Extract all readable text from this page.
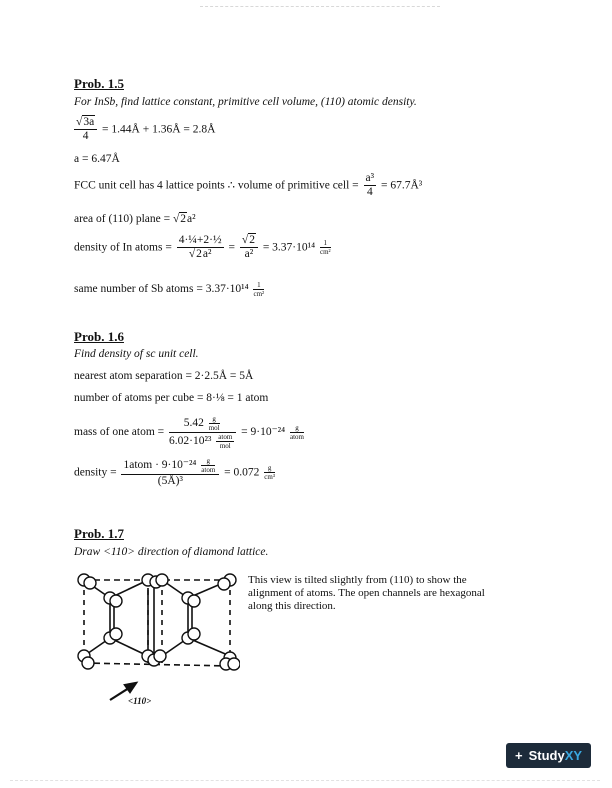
Prob. 1.5
For InSb, find lattice constant, primitive cell volume, (110) atomic density.
$\frac{√3a}{4}$ = 1.44Å + 1.36Å = 2.8Å
a = 6.47Å
FCC unit cell has 4 lattice points ∴ volume of primitive cell = $\frac{\text{a³}}{4}$ = 67.7Å³
area of (110) plane = √2a²
density of In atoms = $\frac{\text{4·¼+2·½}}{\text{√2a²}} = \frac{√2}{\text{a²}} = 3.37\cdot 10^{14} \frac{1}{\text{cm²}}$
same number of Sb atoms = $3.37\cdot 10^{14} \frac{1}{\text{cm²}}$
Prob. 1.6
Find density of sc unit cell.
nearest atom separation = 2·2.5Å = 5Å
number of atoms per cube = 8·⅛ = 1 atom
mass of one atom = $\frac{5.42 \frac{g}{\text{mol}}}{6.02\cdot 10^{23} \frac{\text{atom}}{\text{mol}}} = 9\cdot 10^{-24} \frac{g}{\text{atom}}$
density = $\frac{1atom \cdot 9\cdot 10^{-24} \frac{g}{\text{atom}}}{\text{(5Å)³}} = 0.072 \frac{g}{\text{cm³}}$
Prob. 1.7
Draw <110> direction of diamond lattice.
<110>
This view is tilted slightly from (110) to show the alignment of atoms. The open channels are hexagonal along this direction.
+ StudyXY
